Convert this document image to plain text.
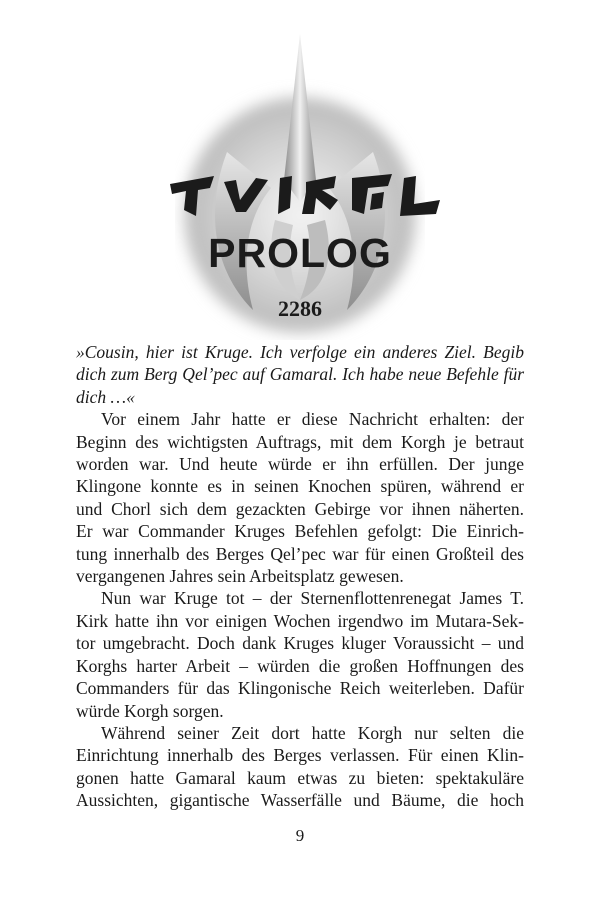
PROLOG
2286

»Cousin, hier ist Kruge. Ich verfolge ein anderes Ziel. Begib
dich zum Berg Qel’pec auf Gamaral. Ich habe neue Befehle für
dich …«

Vor einem Jahr hatte er diese Nachricht erhalten: der
Beginn des wichtigsten Auftrags, mit dem Korgh je betraut
worden war. Und heute würde er ihn erfüllen. Der junge
Klingone konnte es in seinen Knochen spüren, während er
und Chorl sich dem gezackten Gebirge vor ihnen näherten.
Er war Commander Kruges Befehlen gefolgt: Die Einrich-
tung innerhalb des Berges Qel’pec war für einen Großteil des
vergangenen Jahres sein Arbeitsplatz gewesen.

Nun war Kruge tot – der Sternenflottenrenegat James T.
Kirk hatte ihn vor einigen Wochen irgendwo im Mutara-Sek-
tor umgebracht. Doch dank Kruges kluger Voraussicht – und
Korghs harter Arbeit – würden die großen Hoffnungen des
Commanders für das Klingonische Reich weiterleben. Dafür
würde Korgh sorgen.

Während seiner Zeit dort hatte Korgh nur selten die
Einrichtung innerhalb des Berges verlassen. Für einen Klin-
gonen hatte Gamaral kaum etwas zu bieten: spektakuläre
Aussichten, gigantische Wasserfälle und Bäume, die hoch

9
